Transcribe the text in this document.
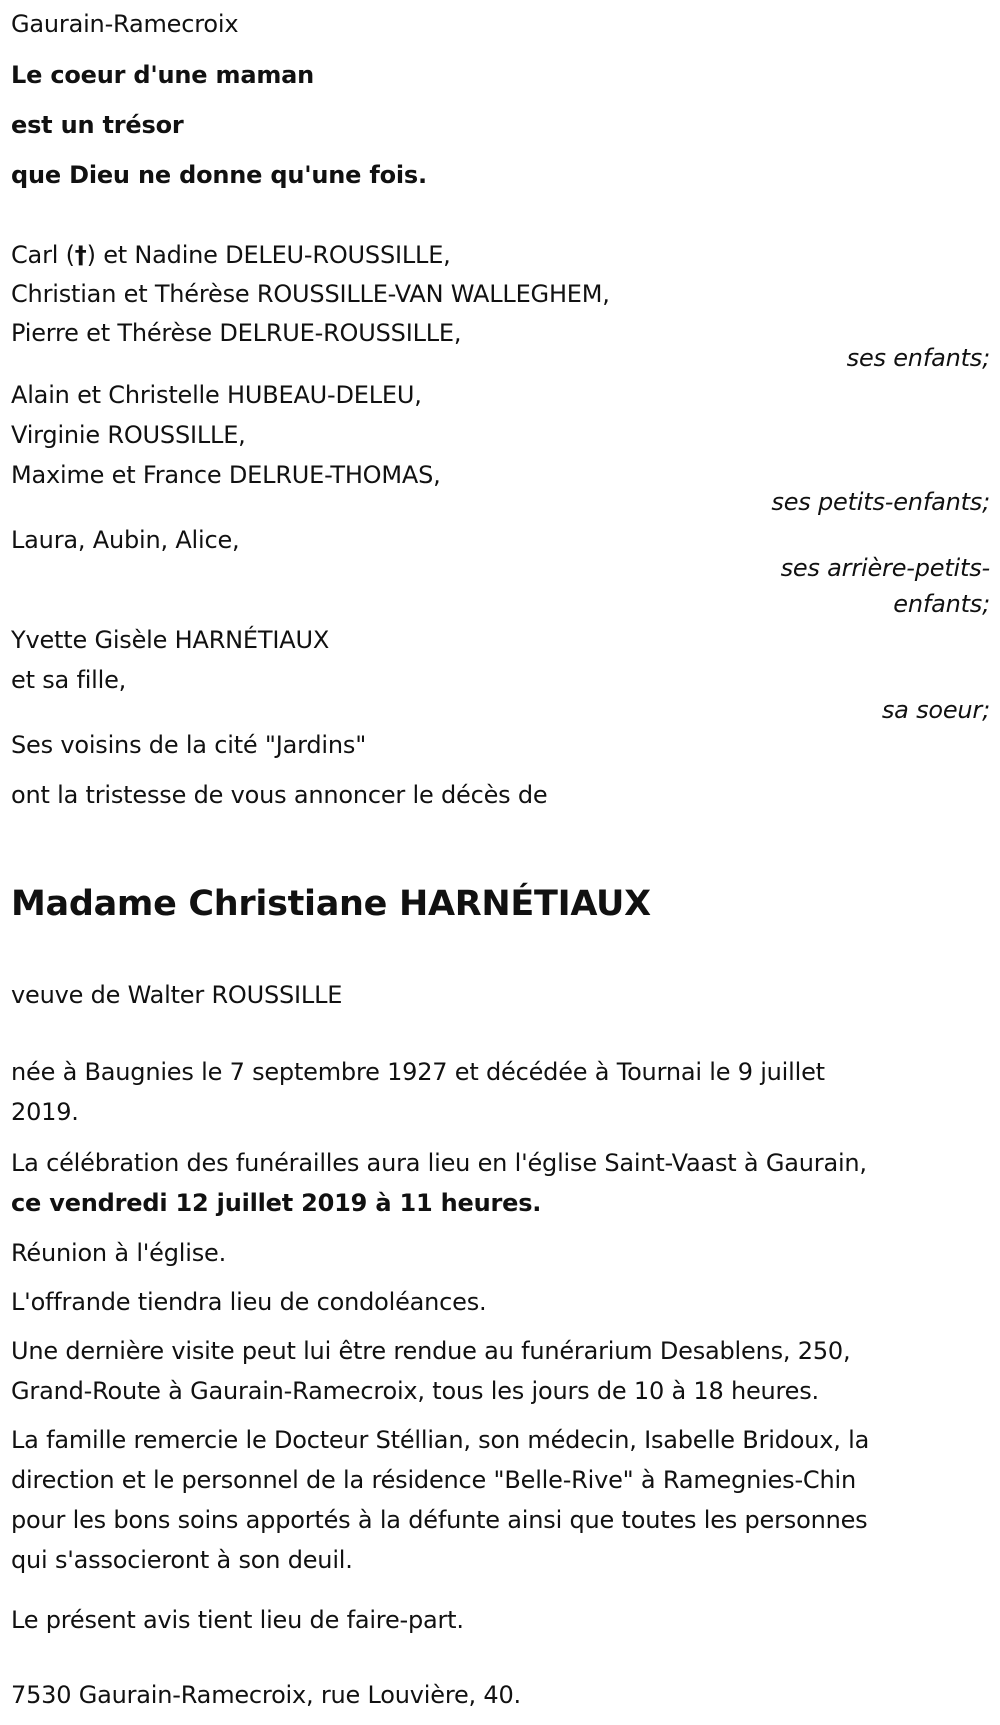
Gaurain-Ramecroix
Le coeur d'une maman
est un trésor
que Dieu ne donne qu'une fois.
Carl (†) et Nadine DELEU-ROUSSILLE,
Christian et Thérèse ROUSSILLE-VAN WALLEGHEM,
Pierre et Thérèse DELRUE-ROUSSILLE,
ses enfants;
Alain et Christelle HUBEAU-DELEU,
Virginie ROUSSILLE,
Maxime et France DELRUE-THOMAS,
ses petits-enfants;
Laura, Aubin, Alice,
ses arrière-petits-
enfants;
Yvette Gisèle HARNÉTIAUX
et sa fille,
sa soeur;
Ses voisins de la cité "Jardins"
ont la tristesse de vous annoncer le décès de
Madame Christiane HARNÉTIAUX
veuve de Walter ROUSSILLE
née à Baugnies le 7 septembre 1927 et décédée à Tournai le 9 juillet
2019.
La célébration des funérailles aura lieu en l'église Saint-Vaast à Gaurain,
ce vendredi 12 juillet 2019 à 11 heures.
Réunion à l'église.
L'offrande tiendra lieu de condoléances.
Une dernière visite peut lui être rendue au funérarium Desablens, 250,
Grand-Route à Gaurain-Ramecroix, tous les jours de 10 à 18 heures.
La famille remercie le Docteur Stéllian, son médecin, Isabelle Bridoux, la
direction et le personnel de la résidence "Belle-Rive" à Ramegnies-Chin
pour les bons soins apportés à la défunte ainsi que toutes les personnes
qui s'associeront à son deuil.
Le présent avis tient lieu de faire-part.
7530 Gaurain-Ramecroix, rue Louvière, 40.
